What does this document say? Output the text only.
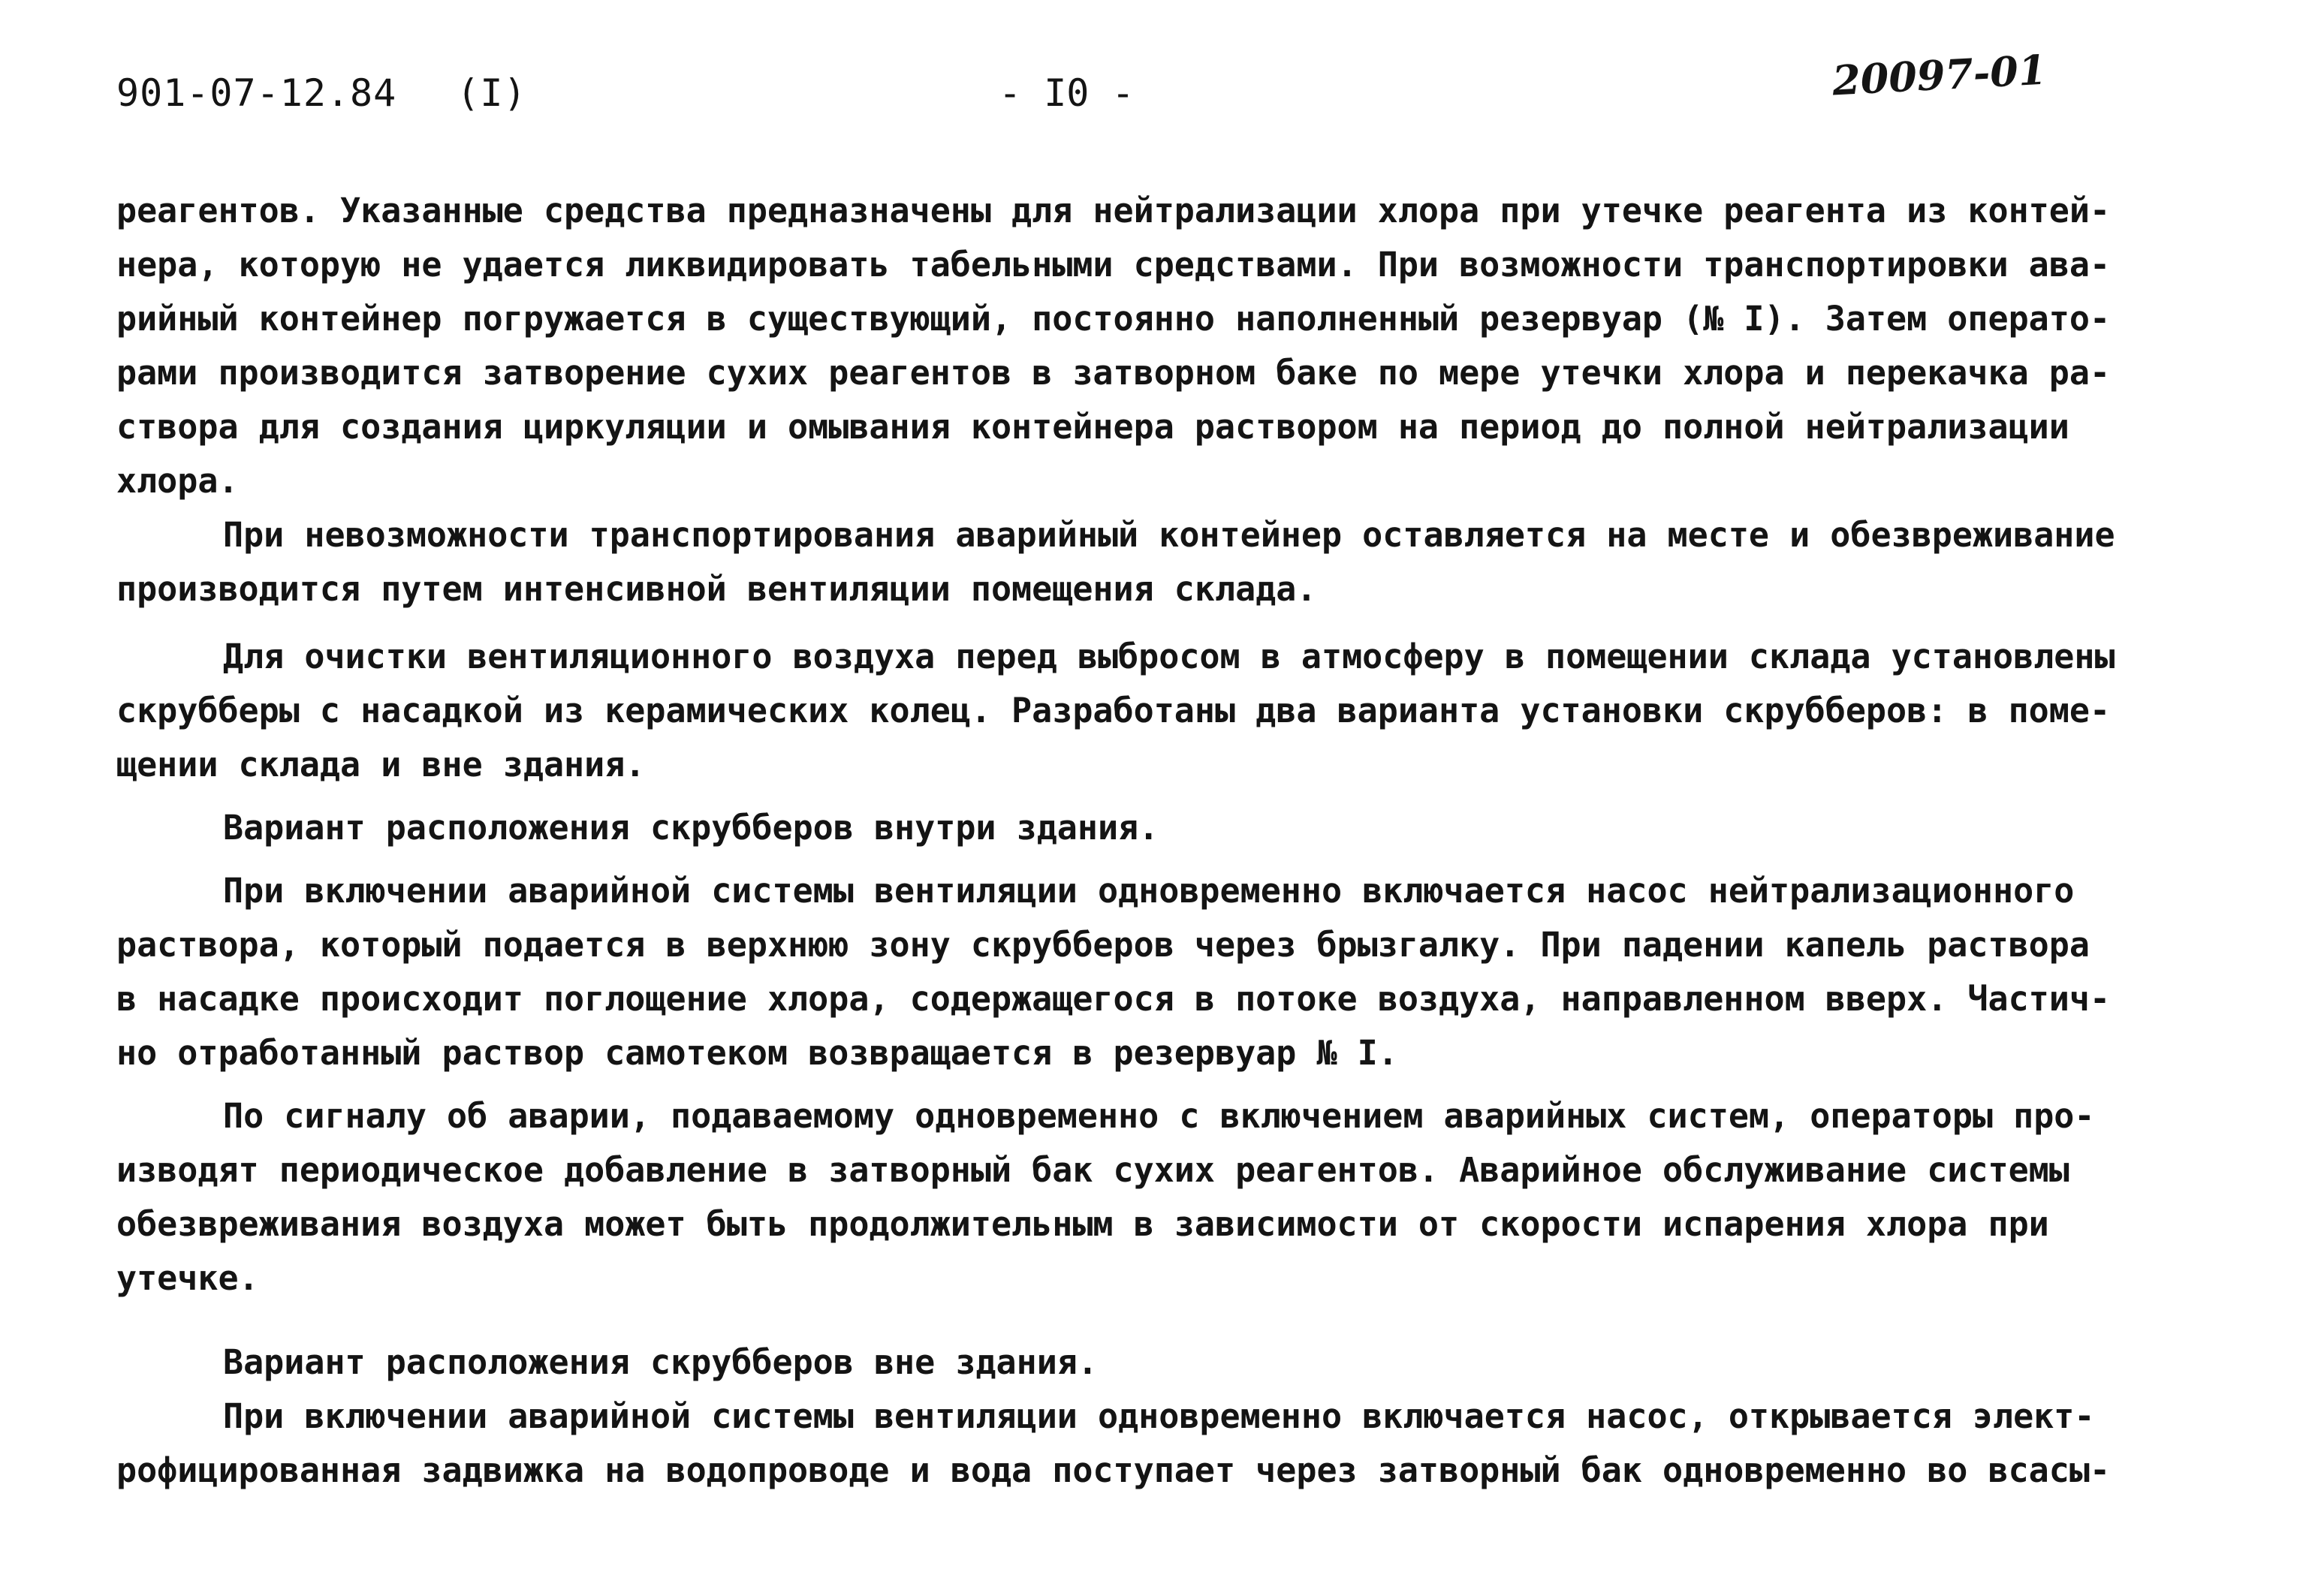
901-07-12.84 (I)	- I0 -	20097-01
реагентов. Указанные средства предназначены для нейтрализации хлора при утечке реагента из контей-
нера, которую не удается ликвидировать табельными средствами. При возможности транспортировки ава-
рийный контейнер погружается в существующий, постоянно наполненный резервуар (№ I). Затем операто-
рами производится затворение сухих реагентов в затворном баке по мере утечки хлора и перекачка ра-
створа для создания циркуляции и омывания контейнера раствором на период до полной нейтрализации
хлора.
При невозможности транспортирования аварийный контейнер оставляется на месте и обезвреживание
производится путем интенсивной вентиляции помещения склада.
Для очистки вентиляционного воздуха перед выбросом в атмосферу в помещении склада установлены
скрубберы с насадкой из керамических колец. Разработаны два варианта установки скрубберов: в поме-
щении склада и вне здания.
Вариант расположения скрубберов внутри здания.
При включении аварийной системы вентиляции одновременно включается насос нейтрализационного
раствора, который подается в верхнюю зону скрубберов через брызгалку. При падении капель раствора
в насадке происходит поглощение хлора, содержащегося в потоке воздуха, направленном вверх. Частич-
но отработанный раствор самотеком возвращается в резервуар № I.
По сигналу об аварии, подаваемому одновременно с включением аварийных систем, операторы про-
изводят периодическое добавление в затворный бак сухих реагентов. Аварийное обслуживание системы
обезвреживания воздуха может быть продолжительным в зависимости от скорости испарения хлора при
утечке.
Вариант расположения скрубберов вне здания.
При включении аварийной системы вентиляции одновременно включается насос, открывается элект-
рофицированная задвижка на водопроводе и вода поступает через затворный бак одновременно во всасы-
